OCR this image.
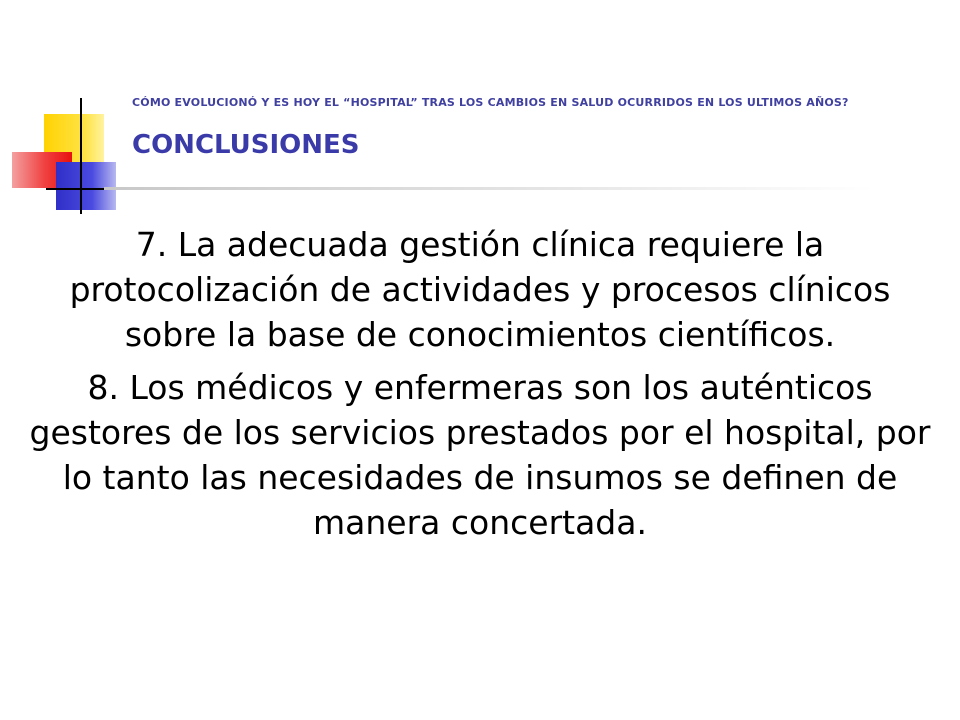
CÓMO EVOLUCIONÓ Y ES HOY EL “HOSPITAL” TRAS LOS CAMBIOS EN SALUD OCURRIDOS EN LOS ULTIMOS AÑOS?
CONCLUSIONES

7. La adecuada gestión clínica requiere la protocolización de actividades y procesos clínicos sobre la base de conocimientos científicos.

8. Los médicos y enfermeras son los auténticos gestores de los servicios prestados por el hospital, por lo tanto las necesidades de insumos se definen de manera concertada.
